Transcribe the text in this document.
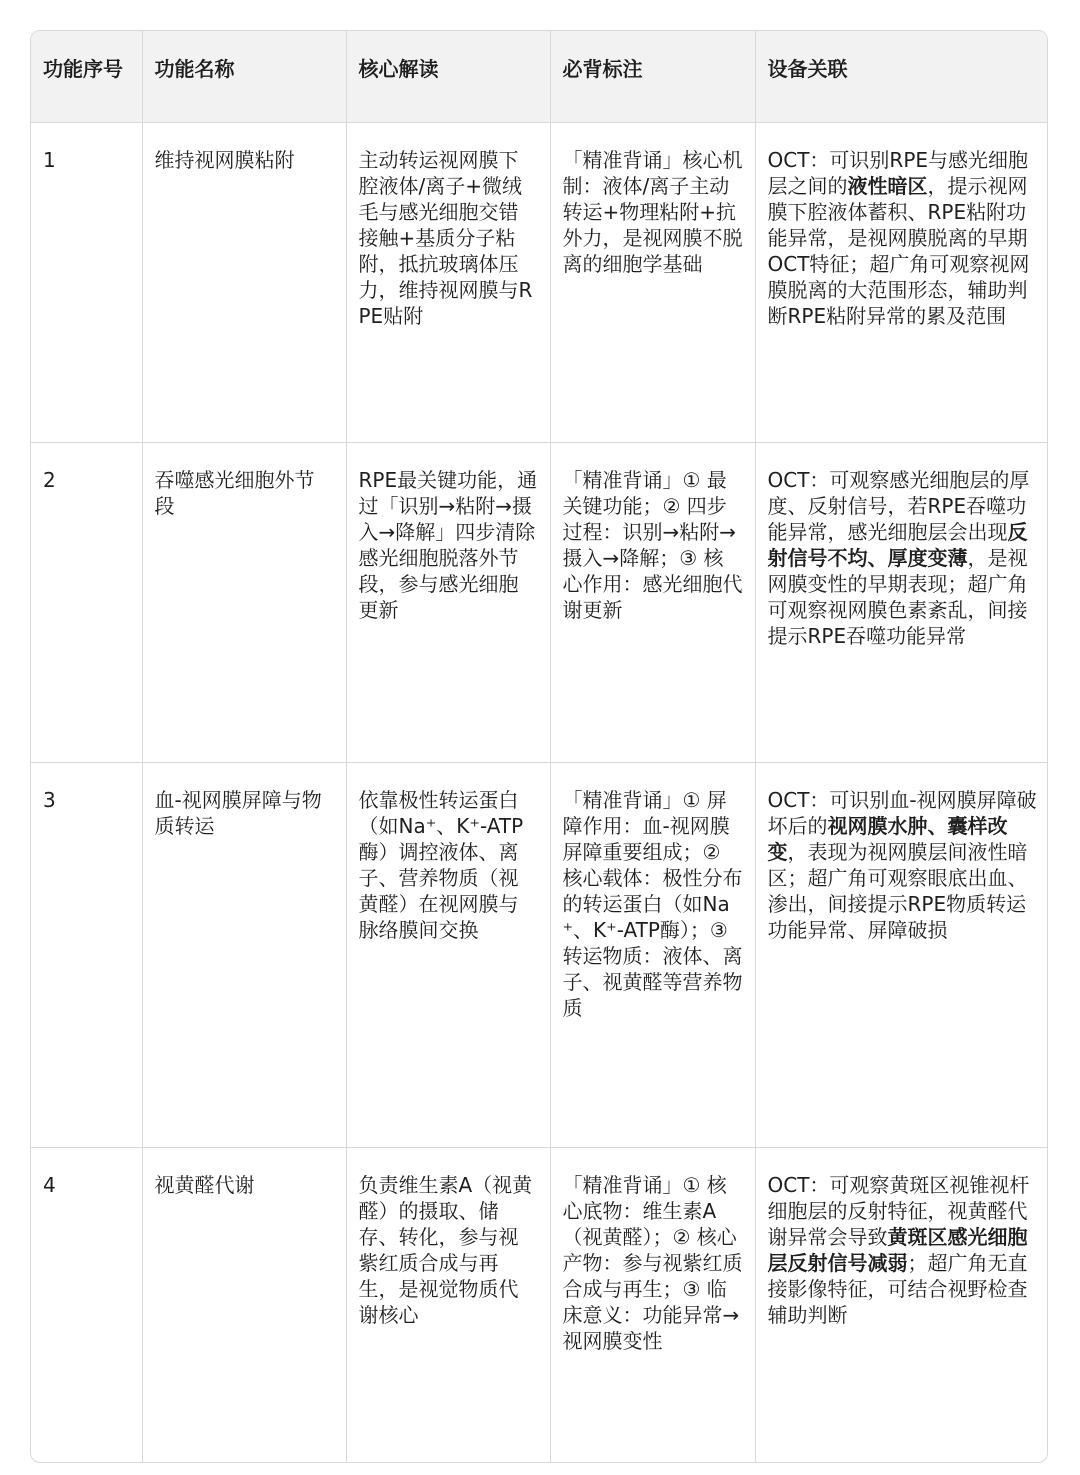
功能序号	功能名称	核心解读	必背标注	设备关联
1	维持视网膜粘附	主动转运视网膜下腔液体/离子+微绒毛与感光细胞交错接触+基质分子粘附，抵抗玻璃体压力，维持视网膜与RPE贴附	「精准背诵」核心机制：液体/离子主动转运+物理粘附+抗外力，是视网膜不脱离的细胞学基础	OCT：可识别RPE与感光细胞层之间的液性暗区，提示视网膜下腔液体蓄积、RPE粘附功能异常，是视网膜脱离的早期OCT特征；超广角可观察视网膜脱离的大范围形态，辅助判断RPE粘附异常的累及范围
2	吞噬感光细胞外节段	RPE最关键功能，通过「识别→粘附→摄入→降解」四步清除感光细胞脱落外节段，参与感光细胞更新	「精准背诵」① 最关键功能；② 四步过程：识别→粘附→摄入→降解；③ 核心作用：感光细胞代谢更新	OCT：可观察感光细胞层的厚度、反射信号，若RPE吞噬功能异常，感光细胞层会出现反射信号不均、厚度变薄，是视网膜变性的早期表现；超广角可观察视网膜色素紊乱，间接提示RPE吞噬功能异常
3	血-视网膜屏障与物质转运	依靠极性转运蛋白（如Na⁺、K⁺-ATP酶）调控液体、离子、营养物质（视黄醛）在视网膜与脉络膜间交换	「精准背诵」① 屏障作用：血-视网膜屏障重要组成；② 核心载体：极性分布的转运蛋白（如Na⁺、K⁺-ATP酶）；③ 转运物质：液体、离子、视黄醛等营养物质	OCT：可识别血-视网膜屏障破坏后的视网膜水肿、囊样改变，表现为视网膜层间液性暗区；超广角可观察眼底出血、渗出，间接提示RPE物质转运功能异常、屏障破损
4	视黄醛代谢	负责维生素A（视黄醛）的摄取、储存、转化，参与视紫红质合成与再生，是视觉物质代谢核心	「精准背诵」① 核心底物：维生素A（视黄醛）；② 核心产物：参与视紫红质合成与再生；③ 临床意义：功能异常→视网膜变性	OCT：可观察黄斑区视锥视杆细胞层的反射特征，视黄醛代谢异常会导致黄斑区感光细胞层反射信号减弱；超广角无直接影像特征，可结合视野检查辅助判断
